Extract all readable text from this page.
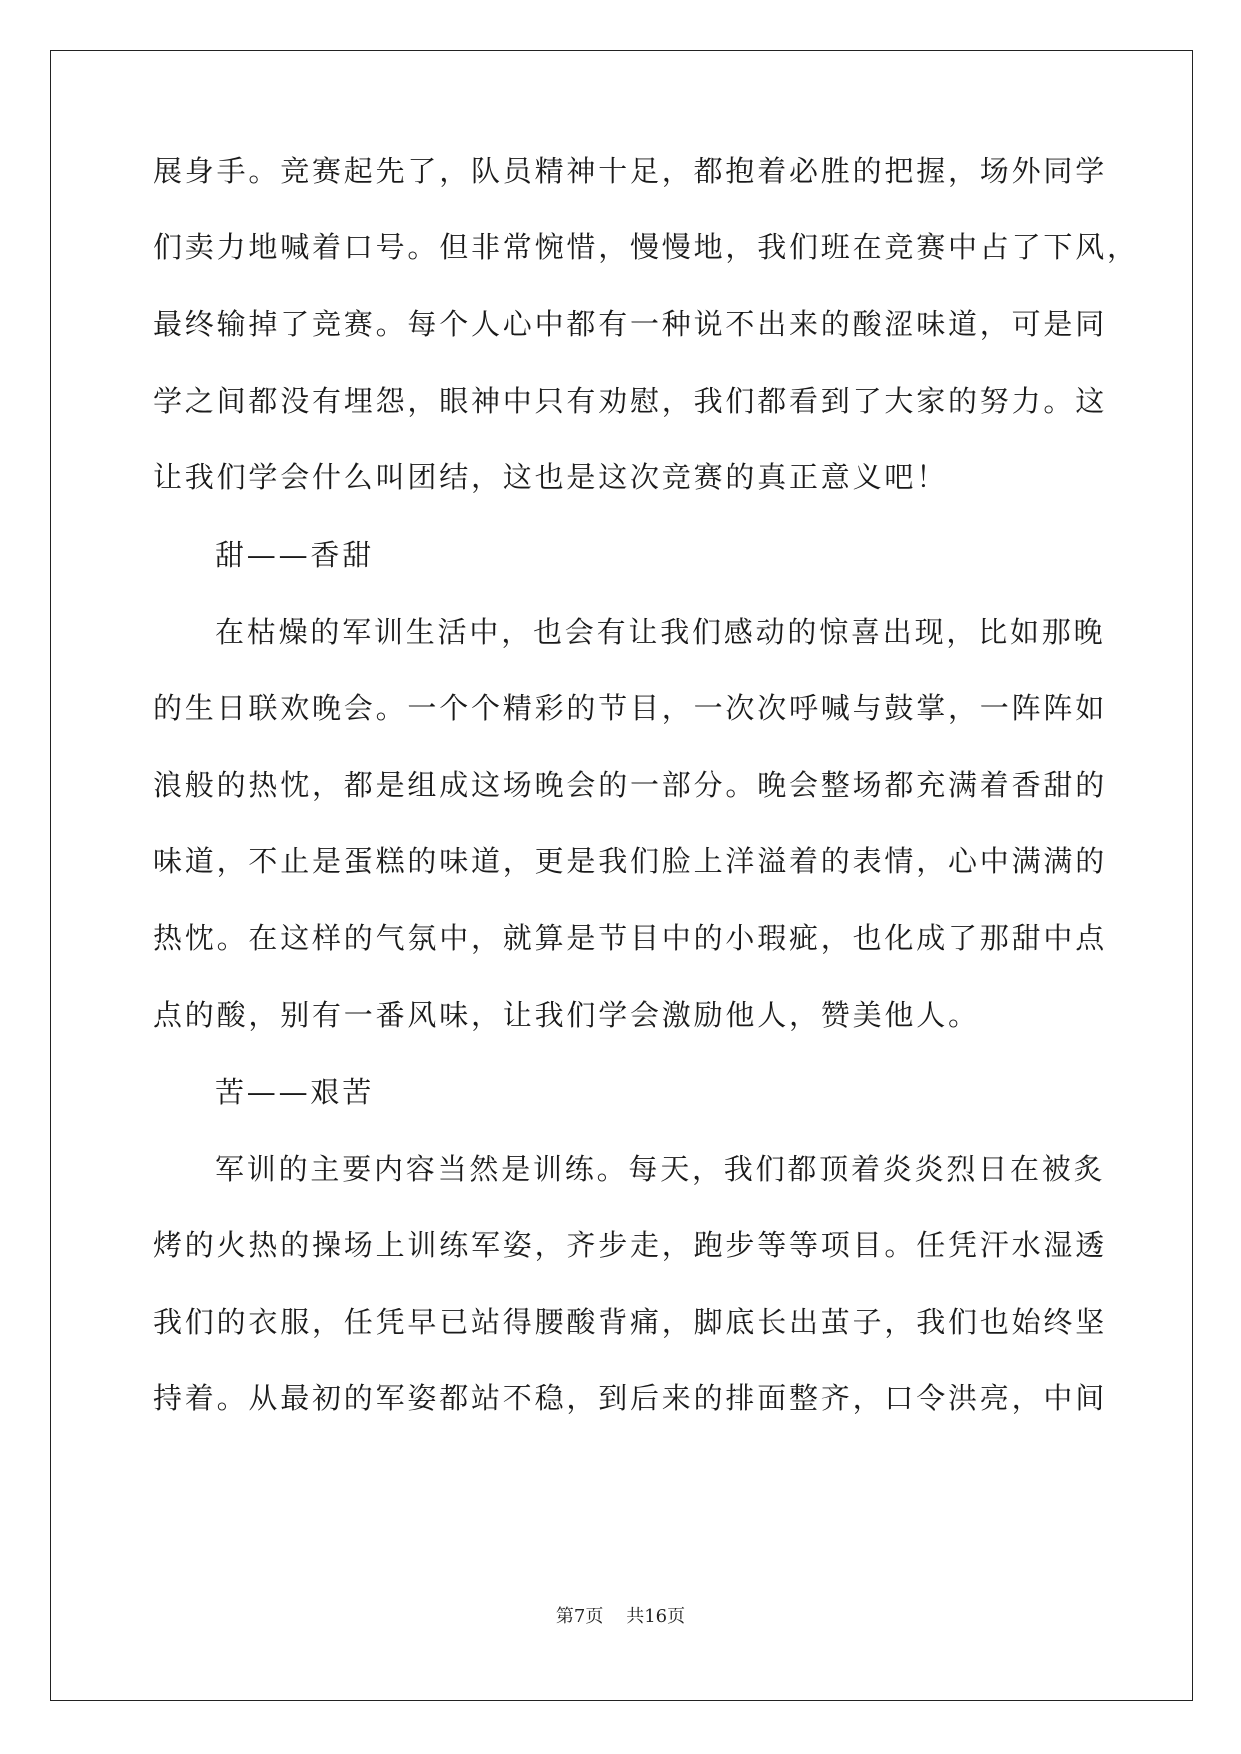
展身手。竞赛起先了，队员精神十足，都抱着必胜的把握，场外同学
们卖力地喊着口号。但非常惋惜，慢慢地，我们班在竞赛中占了下风，
最终输掉了竞赛。每个人心中都有一种说不出来的酸涩味道，可是同
学之间都没有埋怨，眼神中只有劝慰，我们都看到了大家的努力。这
让我们学会什么叫团结，这也是这次竞赛的真正意义吧！
甜——香甜
在枯燥的军训生活中，也会有让我们感动的惊喜出现，比如那晚
的生日联欢晚会。一个个精彩的节目，一次次呼喊与鼓掌，一阵阵如
浪般的热忱，都是组成这场晚会的一部分。晚会整场都充满着香甜的
味道，不止是蛋糕的味道，更是我们脸上洋溢着的表情，心中满满的
热忱。在这样的气氛中，就算是节目中的小瑕疵，也化成了那甜中点
点的酸，别有一番风味，让我们学会激励他人，赞美他人。
苦——艰苦
军训的主要内容当然是训练。每天，我们都顶着炎炎烈日在被炙
烤的火热的操场上训练军姿，齐步走，跑步等等项目。任凭汗水湿透
我们的衣服，任凭早已站得腰酸背痛，脚底长出茧子，我们也始终坚
持着。从最初的军姿都站不稳，到后来的排面整齐，口令洪亮，中间
第7页    共16页
